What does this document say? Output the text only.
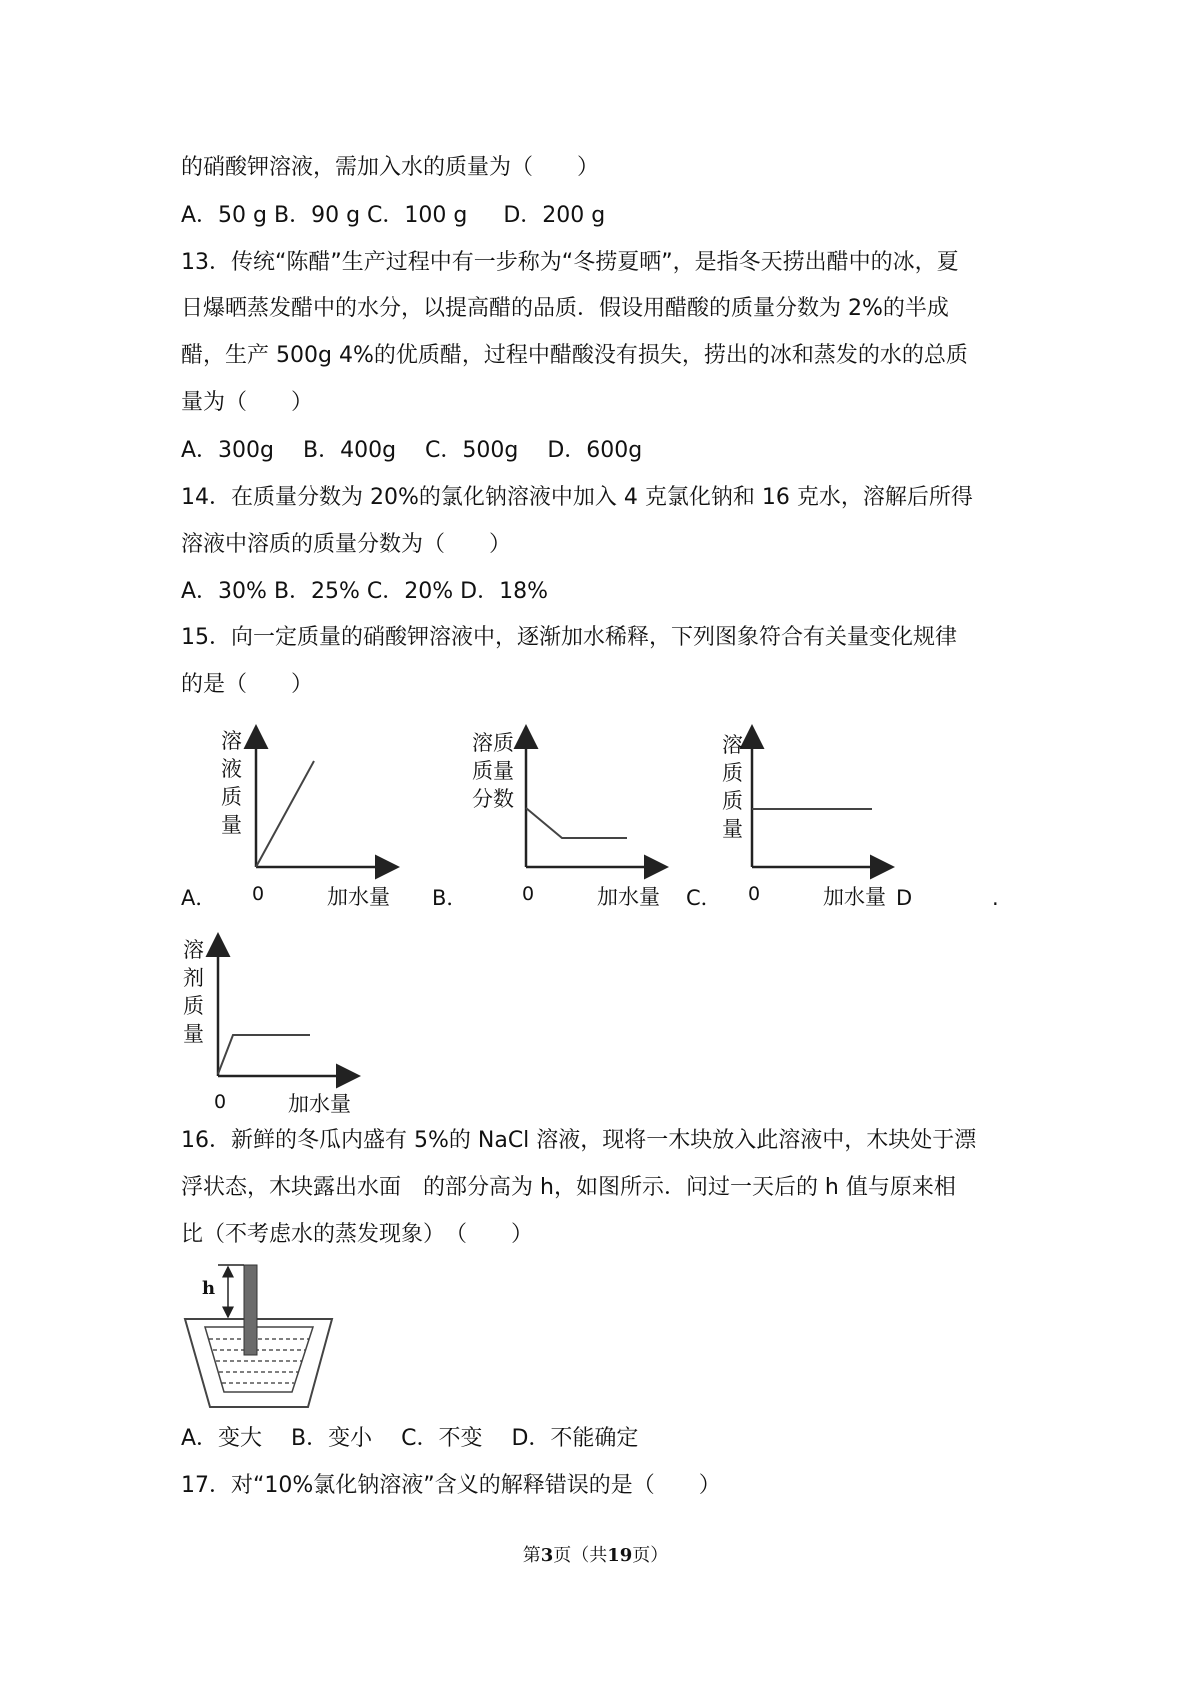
的硝酸钾溶液，需加入水的质量为（　　）
A．50 g B．90 g C．100 g　  D．200 g
13．传统“陈醋”生产过程中有一步称为“冬捞夏晒”，是指冬天捞出醋中的冰，夏
日爆晒蒸发醋中的水分，以提高醋的品质．假设用醋酸的质量分数为 2%的半成
醋，生产 500g 4%的优质醋，过程中醋酸没有损失，捞出的冰和蒸发的水的总质
量为（　　）
A．300g　 B．400g　 C．500g　 D．600g
14．在质量分数为 20%的氯化钠溶液中加入 4 克氯化钠和 16 克水，溶解后所得
溶液中溶质的质量分数为（　　）
A．30% B．25% C．20% D．18%
15．向一定质量的硝酸钾溶液中，逐渐加水稀释，下列图象符合有关量变化规律
的是（　　）
溶
液
质
量
0	加水量
溶质
质量
分数
0	加水量
溶
质
质
量
0	加水量
A．	B．	C．	D	.
溶
剂
质
量
0	加水量
16．新鲜的冬瓜内盛有 5%的 NaCl 溶液，现将一木块放入此溶液中，木块处于漂
浮状态，木块露出水面　的部分高为 h，如图所示．问过一天后的 h 值与原来相
比（不考虑水的蒸发现象）　（　　）
h
A．变大　 B．变小　 C．不变　 D．不能确定
17．对“10%氯化钠溶液”含义的解释错误的是（　　）
第3页（共19页）
